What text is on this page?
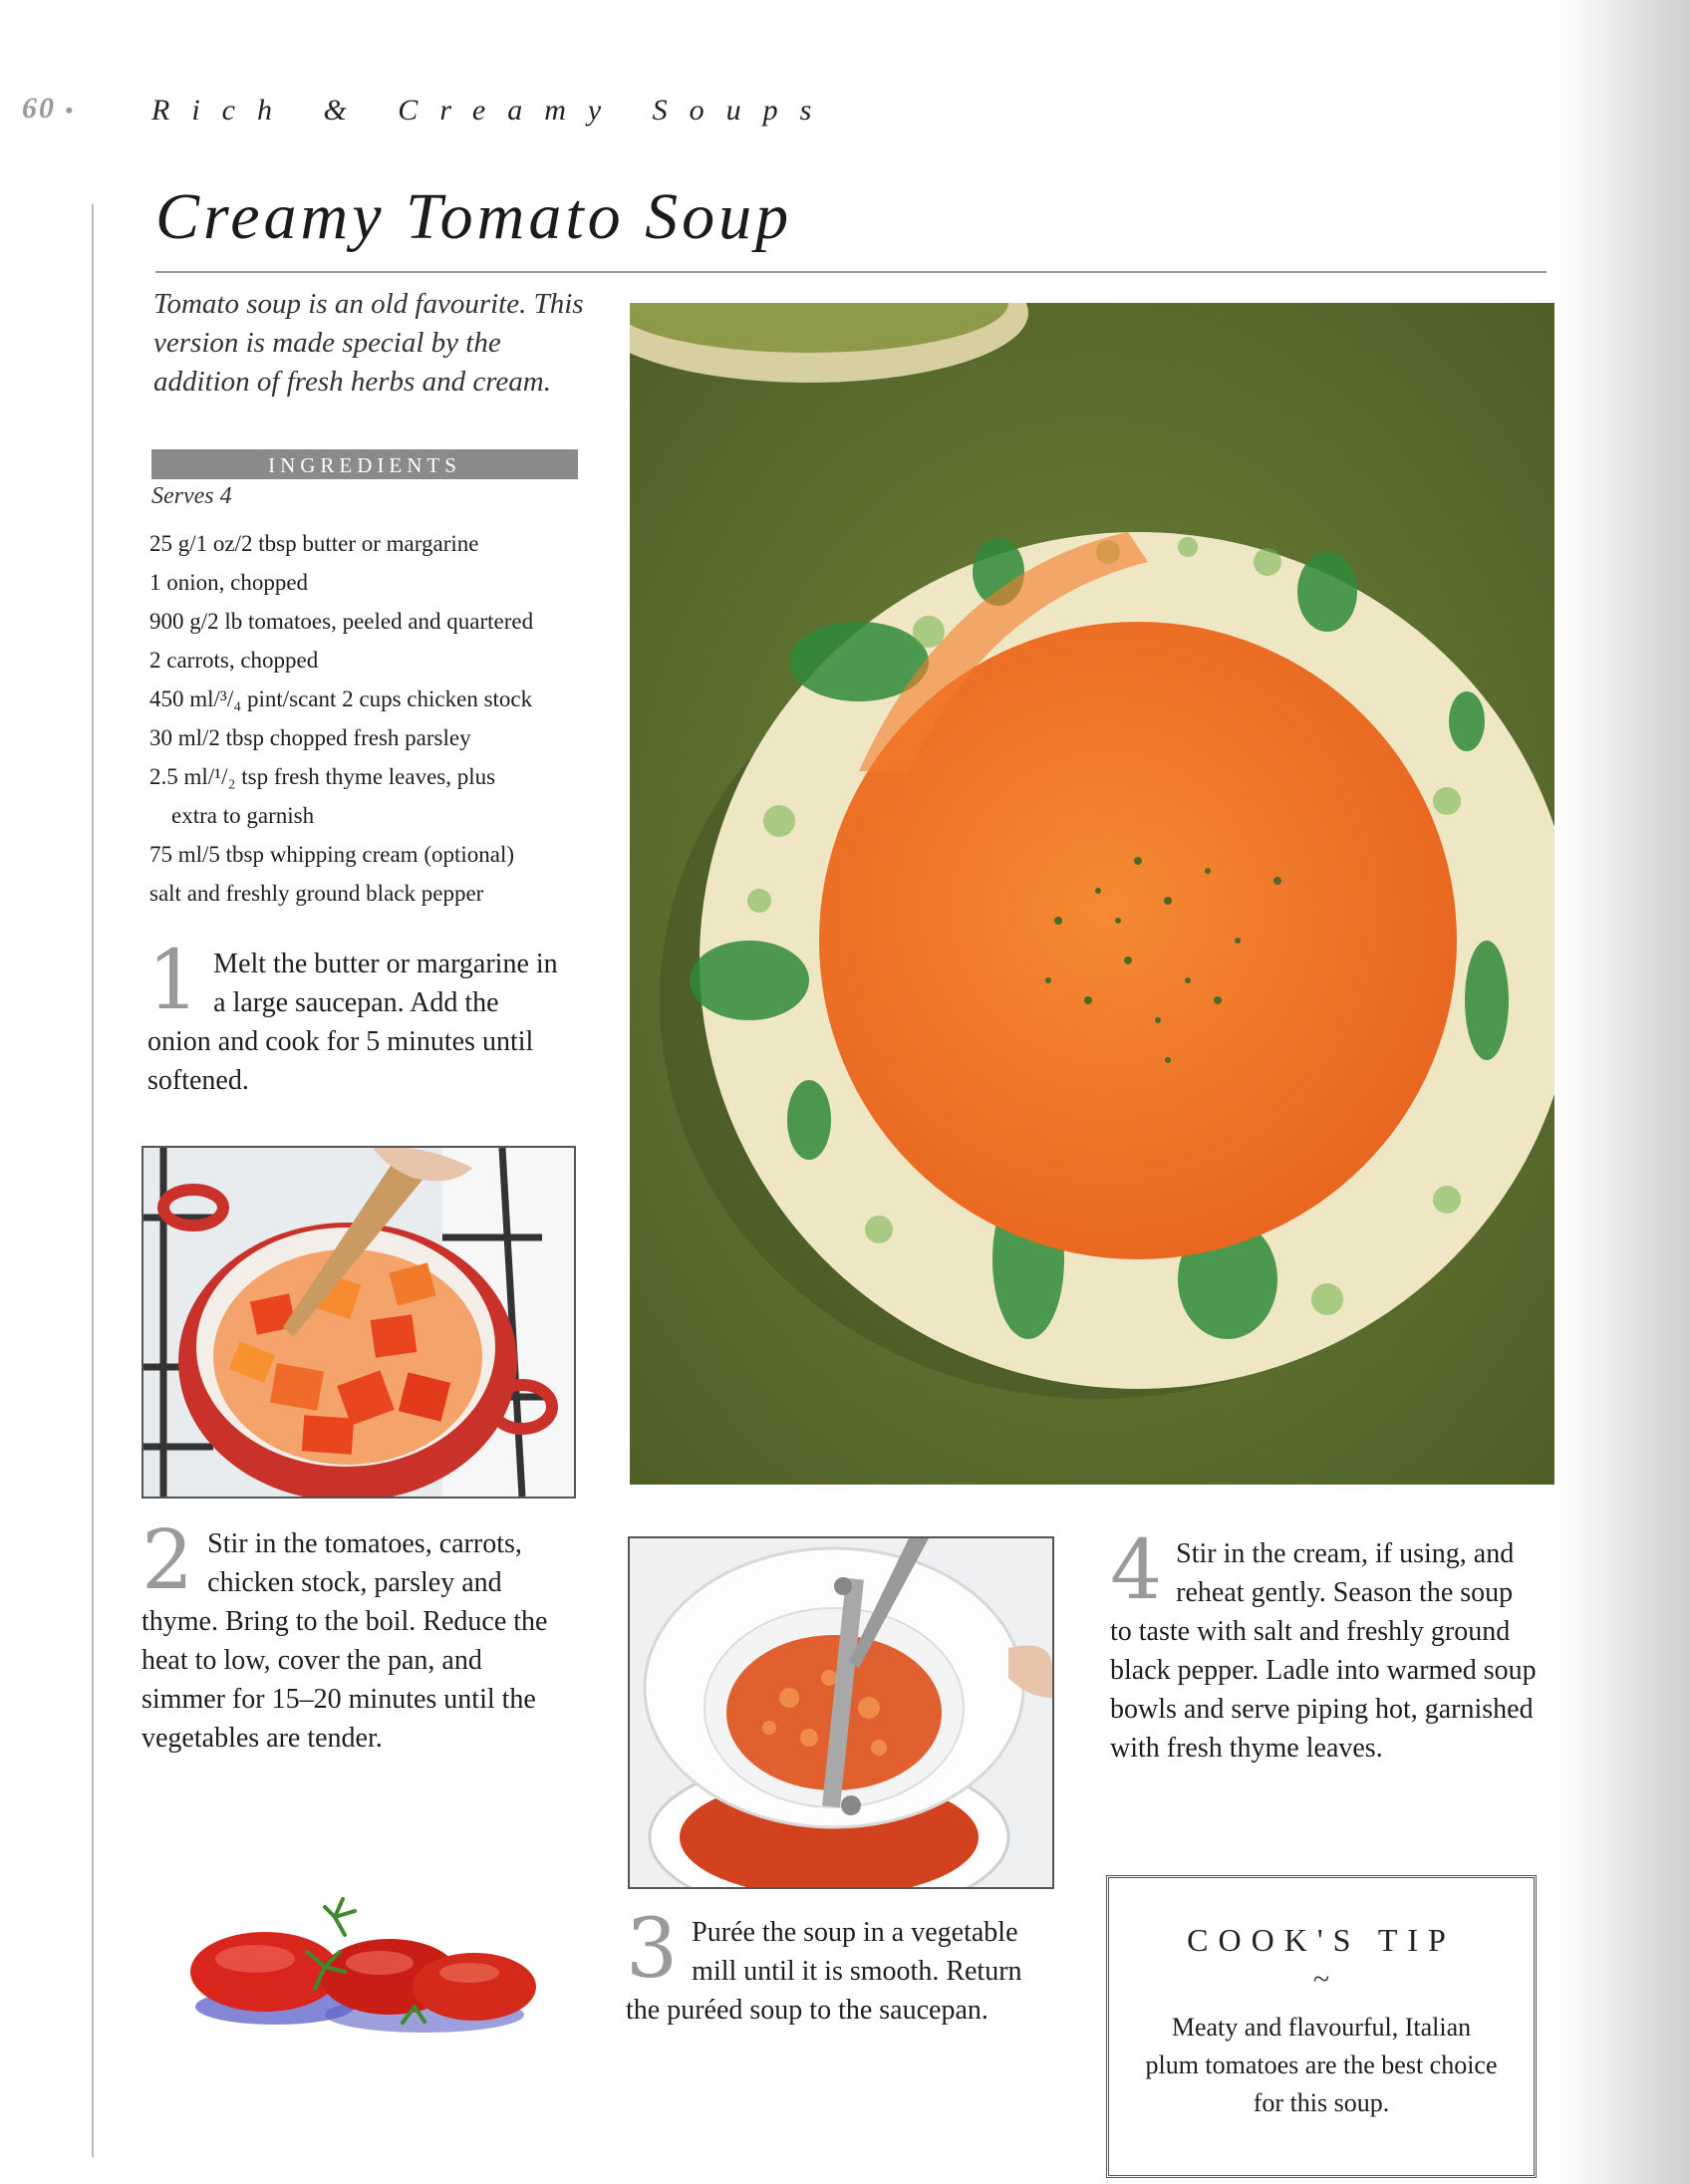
60 •	Rich & Creamy Soups
Creamy Tomato Soup
Tomato soup is an old favourite. This version is made special by the addition of fresh herbs and cream.
INGREDIENTS
Serves 4
25 g/1 oz/2 tbsp butter or margarine
1 onion, chopped
900 g/2 lb tomatoes, peeled and quartered
2 carrots, chopped
450 ml/³/₄ pint/scant 2 cups chicken stock
30 ml/2 tbsp chopped fresh parsley
2.5 ml/¹/₂ tsp fresh thyme leaves, plus
extra to garnish
75 ml/5 tbsp whipping cream (optional)
salt and freshly ground black pepper
1 Melt the butter or margarine in a large saucepan. Add the onion and cook for 5 minutes until softened.
2 Stir in the tomatoes, carrots, chicken stock, parsley and thyme. Bring to the boil. Reduce the heat to low, cover the pan, and simmer for 15–20 minutes until the vegetables are tender.
3 Purée the soup in a vegetable mill until it is smooth. Return the puréed soup to the saucepan.
4 Stir in the cream, if using, and reheat gently. Season the soup to taste with salt and freshly ground black pepper. Ladle into warmed soup bowls and serve piping hot, garnished with fresh thyme leaves.
COOK'S TIP
~
Meaty and flavourful, Italian plum tomatoes are the best choice for this soup.
